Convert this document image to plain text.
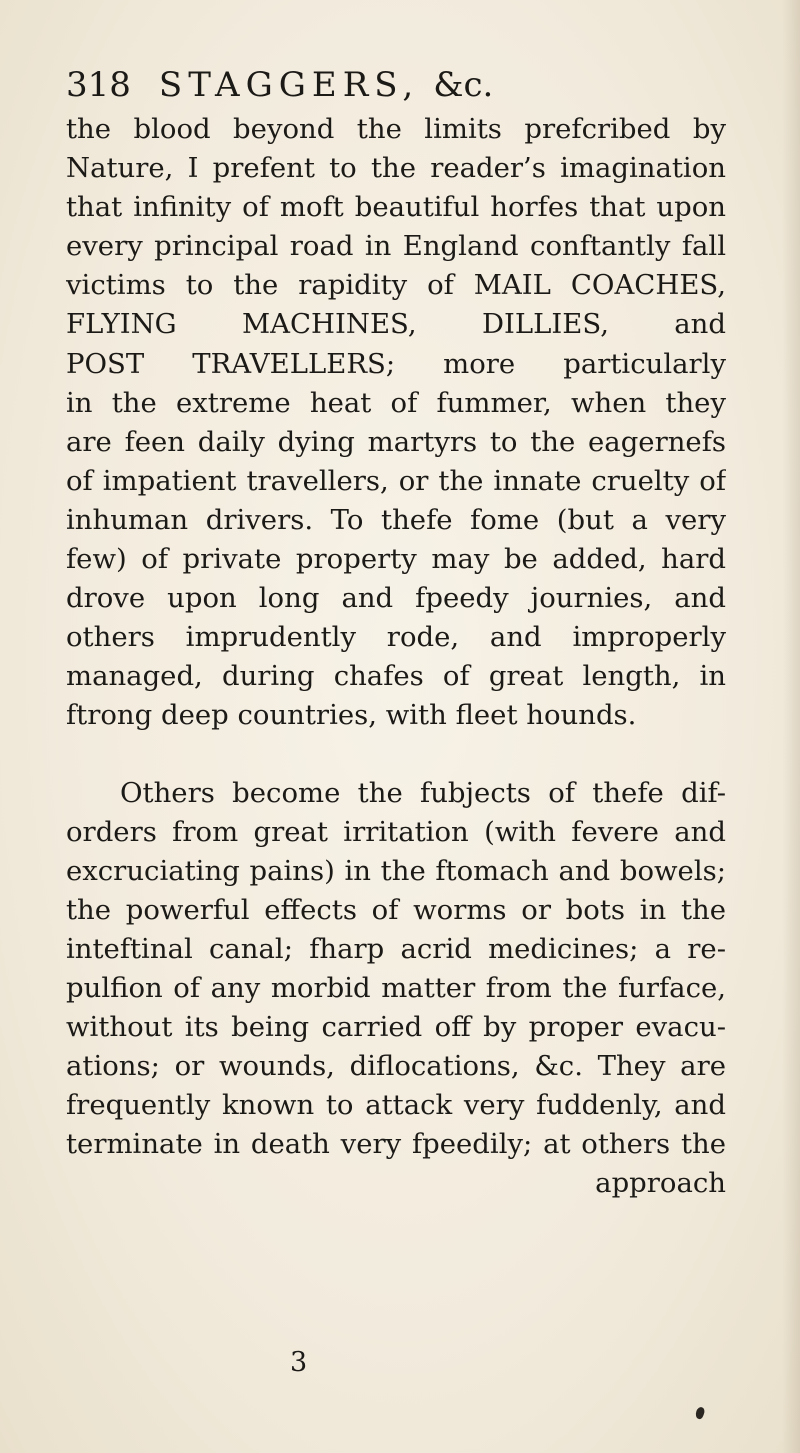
318 STAGGERS, &c.
the blood beyond the limits prefcribed by
Nature, I prefent to the reader’s imagination
that infinity of moft beautiful horfes that upon
every principal road in England conftantly fall
victims to the rapidity of MAIL COACHES,
FLYING MACHINES, DILLIES, and
POST TRAVELLERS; more particularly
in the extreme heat of fummer, when they
are feen daily dying martyrs to the eagernefs
of impatient travellers, or the innate cruelty of
inhuman drivers. To thefe fome (but a very
few) of private property may be added, hard
drove upon long and fpeedy journies, and
others imprudently rode, and improperly
managed, during chafes of great length, in
ftrong deep countries, with fleet hounds.
Others become the fubjects of thefe dif-
orders from great irritation (with fevere and
excruciating pains) in the ftomach and bowels;
the powerful effects of worms or bots in the
inteftinal canal; fharp acrid medicines; a re-
pulfion of any morbid matter from the furface,
without its being carried off by proper evacu-
ations; or wounds, diflocations, &c. They are
frequently known to attack very fuddenly, and
terminate in death very fpeedily; at others the
approach
3
